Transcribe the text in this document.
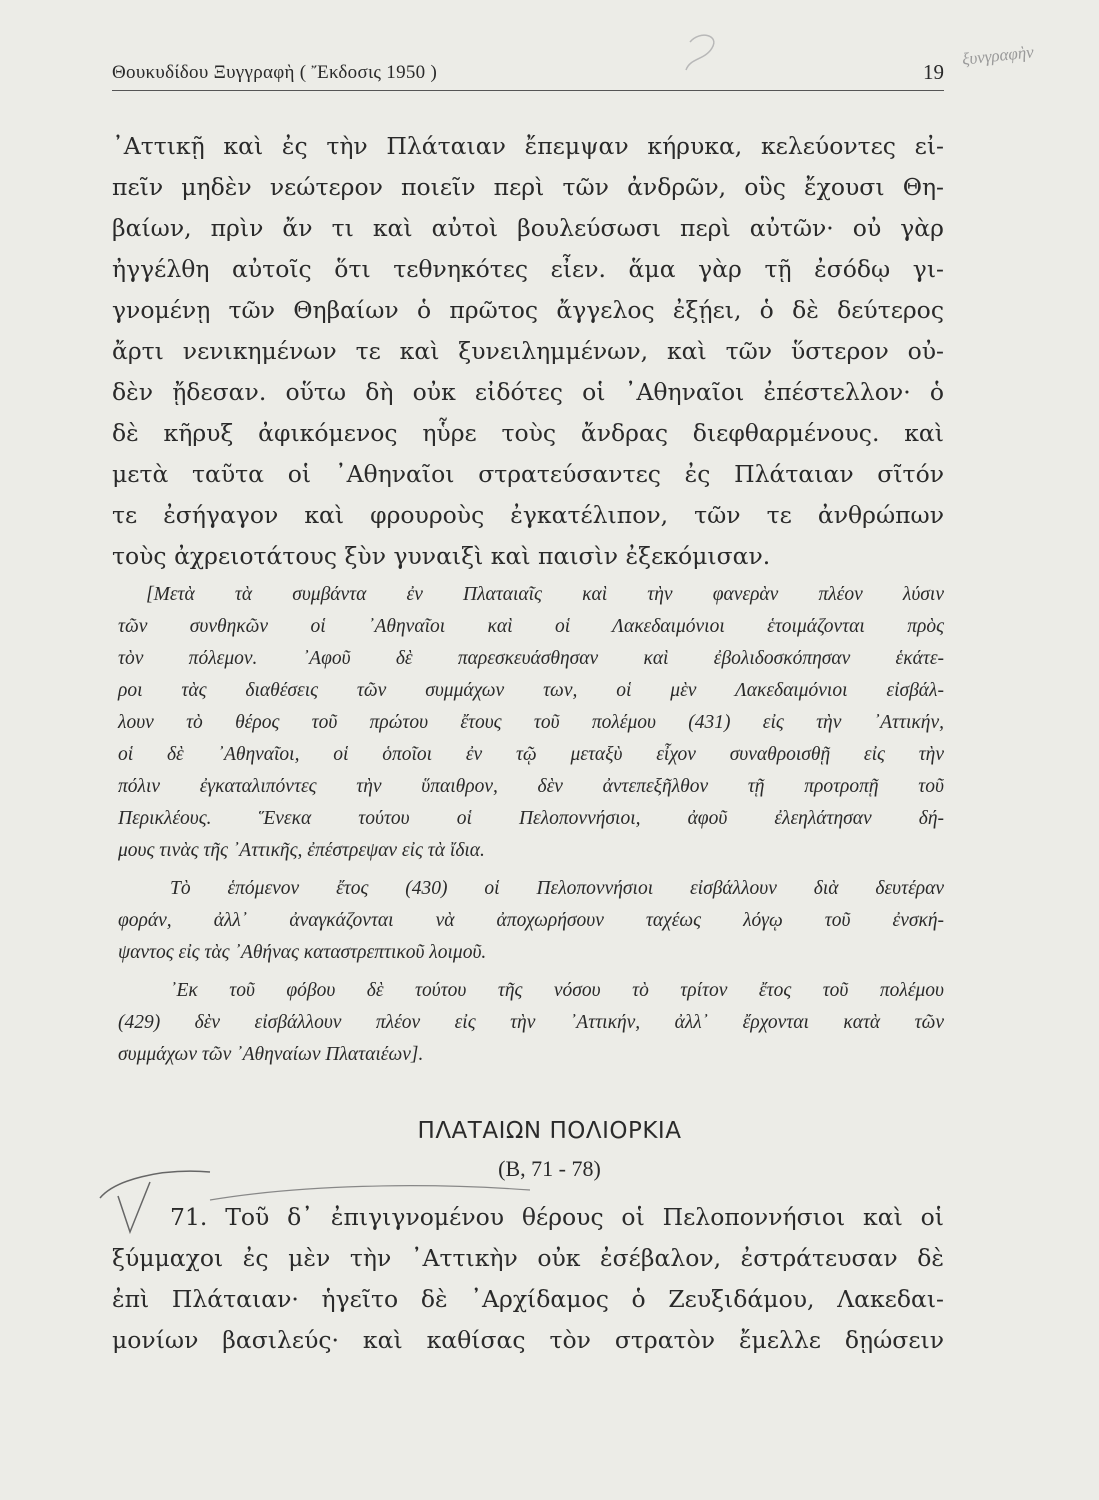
Θουκυδίδου Ξυγγραφὴ ( Ἔκδοσις 1950 )	19
ξυνγραφὴν
᾿Αττικῇ καὶ ἐς τὴν Πλάταιαν ἔπεμψαν κήρυκα, κελεύοντες εἰ-
πεῖν μηδὲν νεώτερον ποιεῖν περὶ τῶν ἀνδρῶν, οὓς ἔχουσι Θη-
βαίων, πρὶν ἄν τι καὶ αὐτοὶ βουλεύσωσι περὶ αὐτῶν· οὐ γὰρ
ἠγγέλθη αὐτοῖς ὅτι τεθνηκότες εἶεν. ἅμα γὰρ τῇ ἐσόδῳ γι-
γνομένῃ τῶν Θηβαίων ὁ πρῶτος ἄγγελος ἐξῄει, ὁ δὲ δεύτερος
ἄρτι νενικημένων τε καὶ ξυνειλημμένων, καὶ τῶν ὕστερον οὐ-
δὲν ᾔδεσαν. οὕτω δὴ οὐκ εἰδότες οἱ ᾿Αθηναῖοι ἐπέστελλον· ὁ
δὲ κῆρυξ ἀφικόμενος ηὗρε τοὺς ἄνδρας διεφθαρμένους. καὶ
μετὰ ταῦτα οἱ ᾿Αθηναῖοι στρατεύσαντες ἐς Πλάταιαν σῖτόν
τε ἐσήγαγον καὶ φρουροὺς ἐγκατέλιπον, τῶν τε ἀνθρώπων
τοὺς ἀχρειοτάτους ξὺν γυναιξὶ καὶ παισὶν ἐξεκόμισαν.
[Μετὰ τὰ συμβάντα ἐν Πλαταιαῖς καὶ τὴν φανερὰν πλέον λύσιν
τῶν συνθηκῶν οἱ ᾿Αθηναῖοι καὶ οἱ Λακεδαιμόνιοι ἑτοιμάζονται πρὸς
τὸν πόλεμον. ᾿Αφοῦ δὲ παρεσκευάσθησαν καὶ ἐβολιδοσκόπησαν ἑκάτε-
ροι τὰς διαθέσεις τῶν συμμάχων των, οἱ μὲν Λακεδαιμόνιοι εἰσβάλ-
λουν τὸ θέρος τοῦ πρώτου ἔτους τοῦ πολέμου (431) εἰς τὴν ᾿Αττικήν,
οἱ δὲ ᾿Αθηναῖοι, οἱ ὁποῖοι ἐν τῷ μεταξὺ εἶχον συναθροισθῇ εἰς τὴν
πόλιν ἐγκαταλιπόντες τὴν ὕπαιθρον, δὲν ἀντεπεξῆλθον τῇ προτροπῇ τοῦ
Περικλέους. Ἕνεκα τούτου οἱ Πελοποννήσιοι, ἀφοῦ ἐλεηλάτησαν δή-
μους τινὰς τῆς ᾿Αττικῆς, ἐπέστρεψαν εἰς τὰ ἴδια.
Τὸ ἑπόμενον ἔτος (430) οἱ Πελοποννήσιοι εἰσβάλλουν διὰ δευτέραν
φοράν, ἀλλ᾿ ἀναγκάζονται νὰ ἀποχωρήσουν ταχέως λόγῳ τοῦ ἐνσκή-
ψαντος εἰς τὰς ᾿Αθήνας καταστρεπτικοῦ λοιμοῦ.
᾿Εκ τοῦ φόβου δὲ τούτου τῆς νόσου τὸ τρίτον ἔτος τοῦ πολέμου
(429) δὲν εἰσβάλλουν πλέον εἰς τὴν ᾿Αττικήν, ἀλλ᾿ ἔρχονται κατὰ τῶν
συμμάχων τῶν ᾿Αθηναίων Πλαταιέων].
ΠΛΑΤΑΙΩΝ ΠΟΛΙΟΡΚΙΑ
(Β, 71 - 78)
71. Τοῦ δ᾿ ἐπιγιγνομένου θέρους οἱ Πελοποννήσιοι καὶ οἱ
ξύμμαχοι ἐς μὲν τὴν ᾿Αττικὴν οὐκ ἐσέβαλον, ἐστράτευσαν δὲ
ἐπὶ Πλάταιαν· ἡγεῖτο δὲ ᾿Αρχίδαμος ὁ Ζευξιδάμου, Λακεδαι-
μονίων βασιλεύς· καὶ καθίσας τὸν στρατὸν ἔμελλε δῃώσειν
